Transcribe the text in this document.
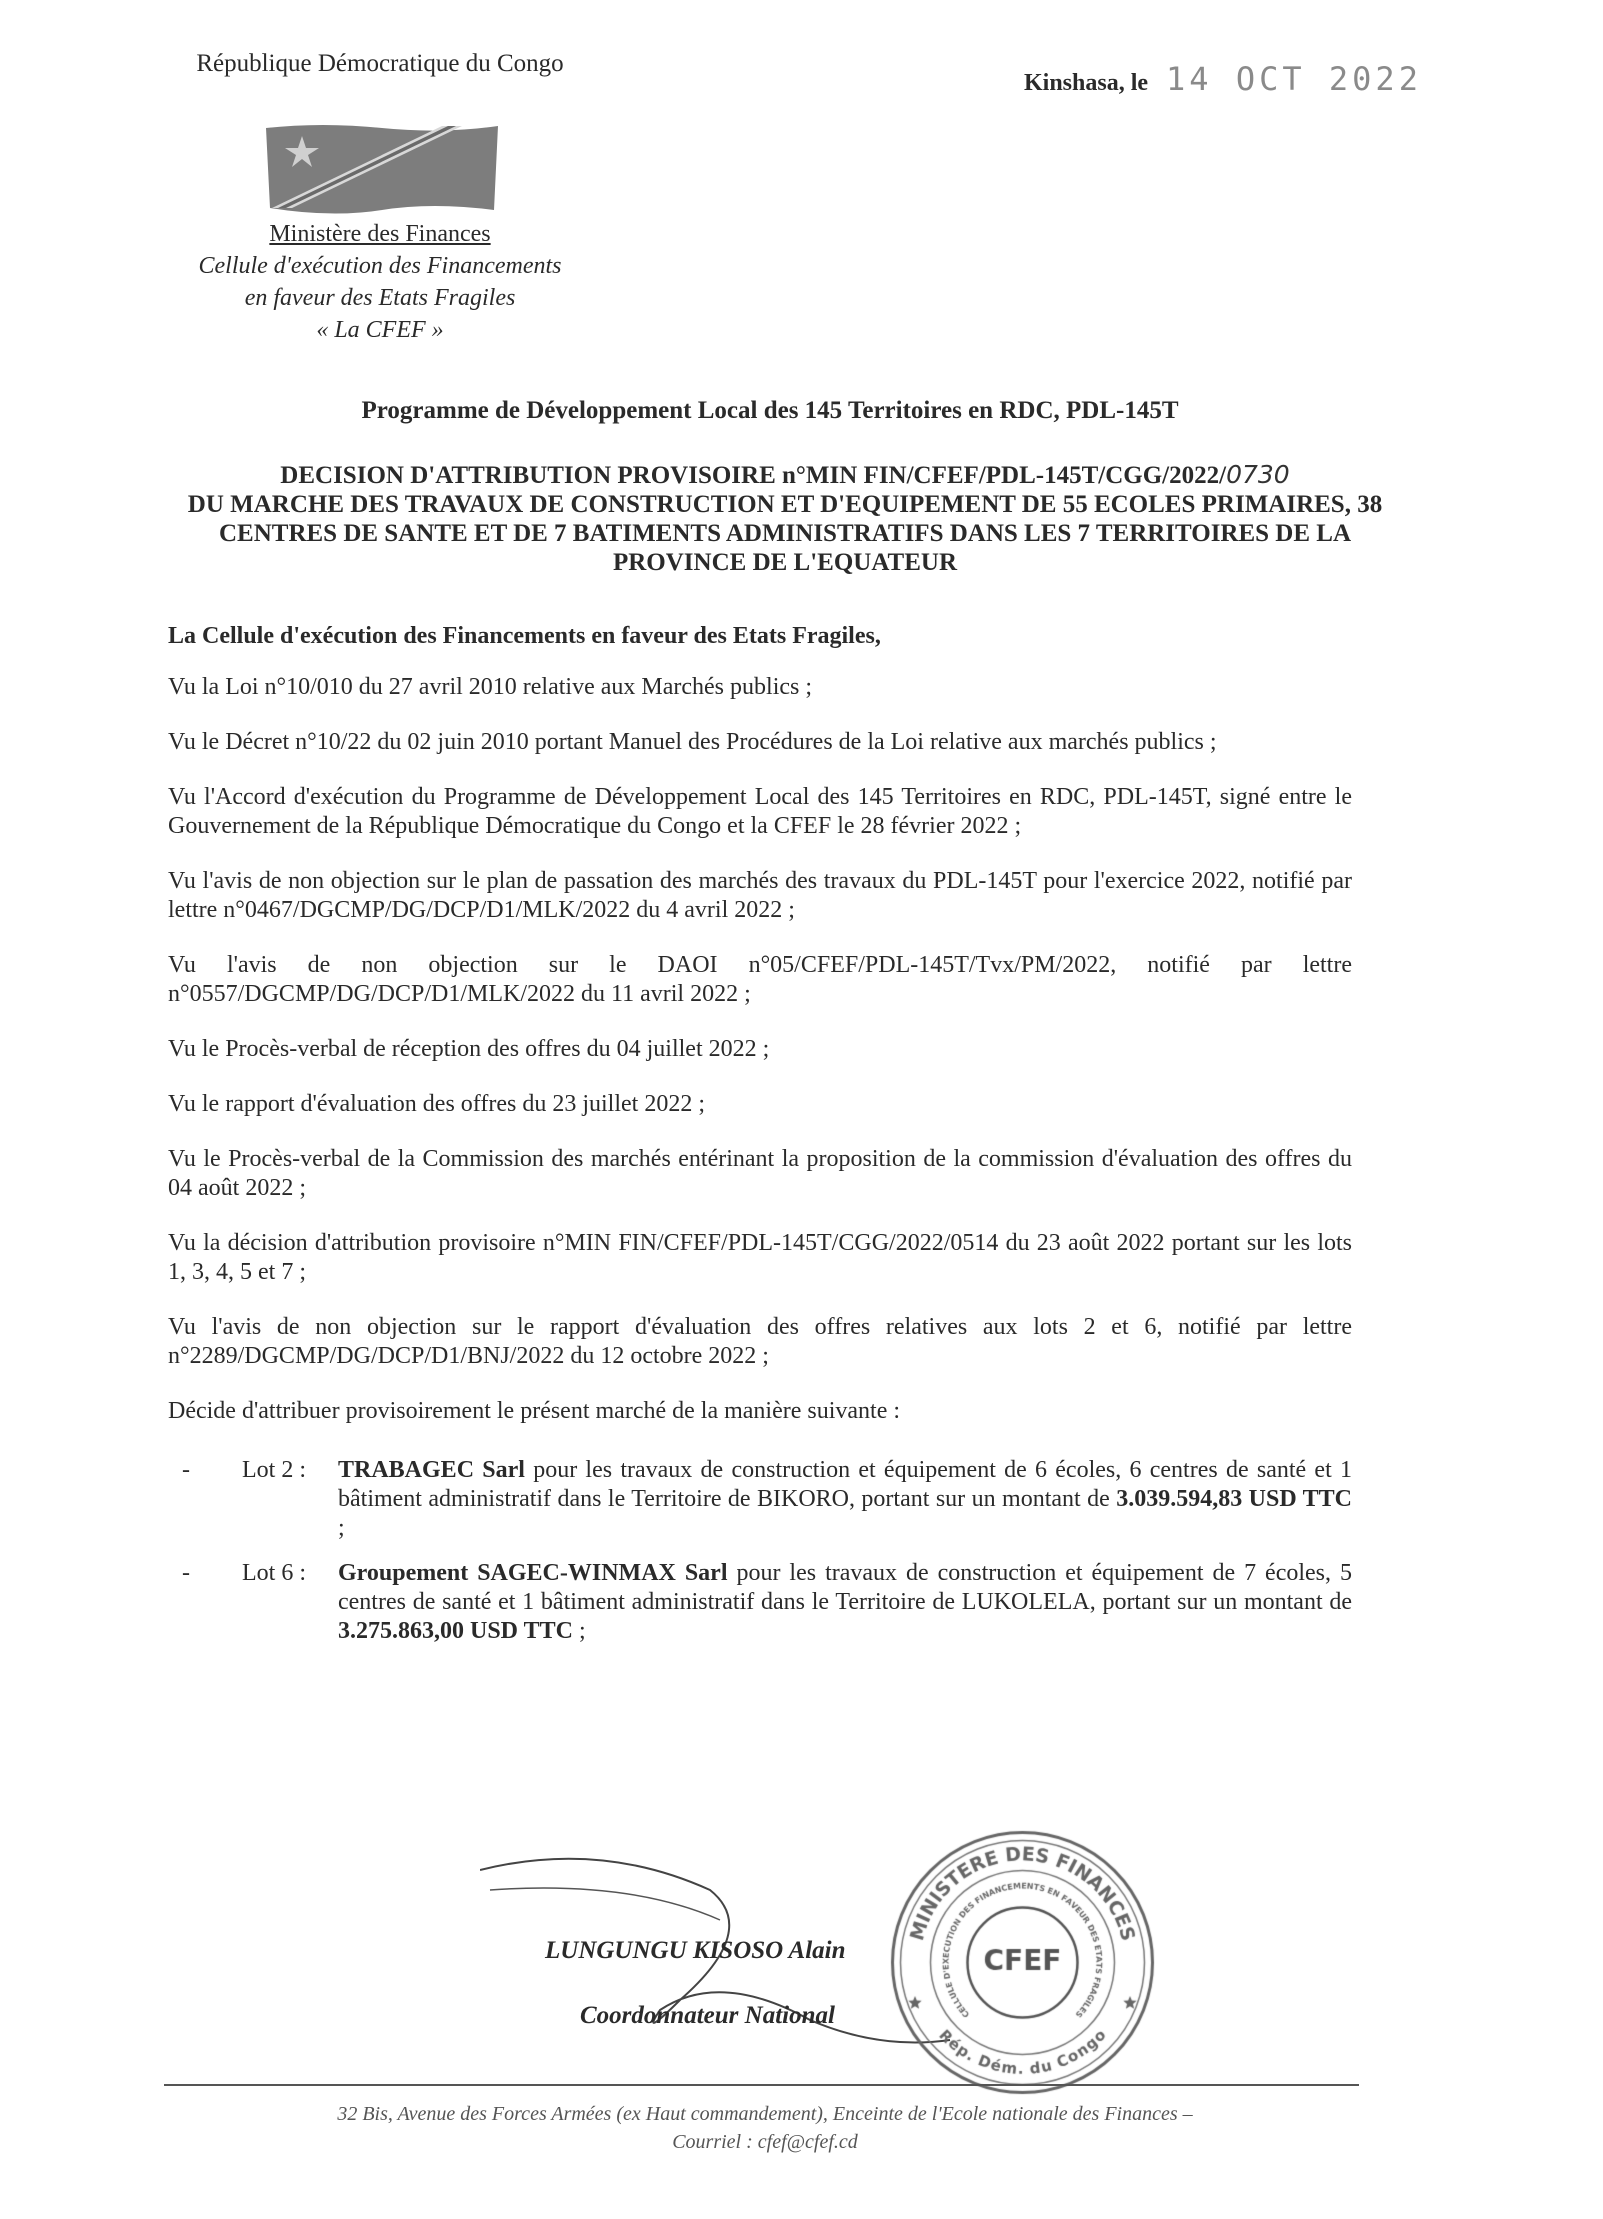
République Démocratique du Congo
Ministère des Finances
Cellule d'exécution des Financements
en faveur des Etats Fragiles
« La CFEF »
Kinshasa, le 14 OCT 2022
Programme de Développement Local des 145 Territoires en RDC, PDL-145T
DECISION D'ATTRIBUTION PROVISOIRE n°MIN FIN/CFEF/PDL-145T/CGG/2022/0730
DU MARCHE DES TRAVAUX DE CONSTRUCTION ET D'EQUIPEMENT DE 55 ECOLES PRIMAIRES, 38 CENTRES DE SANTE ET DE 7 BATIMENTS ADMINISTRATIFS DANS LES 7 TERRITOIRES DE LA PROVINCE DE L'EQUATEUR

La Cellule d'exécution des Financements en faveur des Etats Fragiles,

Vu la Loi n°10/010 du 27 avril 2010 relative aux Marchés publics ;

Vu le Décret n°10/22 du 02 juin 2010 portant Manuel des Procédures de la Loi relative aux marchés publics ;

Vu l'Accord d'exécution du Programme de Développement Local des 145 Territoires en RDC, PDL-145T, signé entre le Gouvernement de la République Démocratique du Congo et la CFEF le 28 février 2022 ;

Vu l'avis de non objection sur le plan de passation des marchés des travaux du PDL-145T pour l'exercice 2022, notifié par lettre n°0467/DGCMP/DG/DCP/D1/MLK/2022 du 4 avril 2022 ;

Vu l'avis de non objection sur le DAOI n°05/CFEF/PDL-145T/Tvx/PM/2022, notifié par lettre n°0557/DGCMP/DG/DCP/D1/MLK/2022 du 11 avril 2022 ;

Vu le Procès-verbal de réception des offres du 04 juillet 2022 ;

Vu le rapport d'évaluation des offres du 23 juillet 2022 ;

Vu le Procès-verbal de la Commission des marchés entérinant la proposition de la commission d'évaluation des offres du 04 août 2022 ;

Vu la décision d'attribution provisoire n°MIN FIN/CFEF/PDL-145T/CGG/2022/0514 du 23 août 2022 portant sur les lots 1, 3, 4, 5 et 7 ;

Vu l'avis de non objection sur le rapport d'évaluation des offres relatives aux lots 2 et 6, notifié par lettre n°2289/DGCMP/DG/DCP/D1/BNJ/2022 du 12 octobre 2022 ;

Décide d'attribuer provisoirement le présent marché de la manière suivante :

-	Lot 2 :	TRABAGEC Sarl pour les travaux de construction et équipement de 6 écoles, 6 centres de santé et 1 bâtiment administratif dans le Territoire de BIKORO, portant sur un montant de 3.039.594,83 USD TTC ;
-	Lot 6 :	Groupement SAGEC-WINMAX Sarl pour les travaux de construction et équipement de 7 écoles, 5 centres de santé et 1 bâtiment administratif dans le Territoire de LUKOLELA, portant sur un montant de 3.275.863,00 USD TTC ;
LUNGUNGU KISOSO Alain
Coordonnateur National
32 Bis, Avenue des Forces Armées (ex Haut commandement), Enceinte de l'Ecole nationale des Finances –
Courriel : cfef@cfef.cd
